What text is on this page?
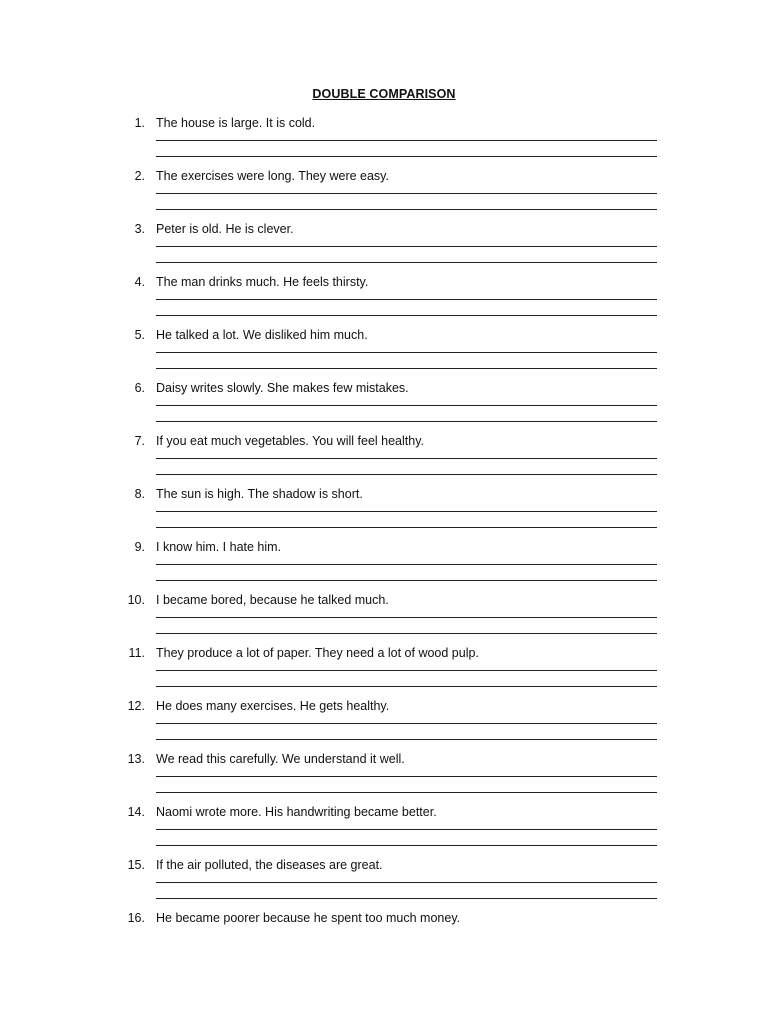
DOUBLE COMPARISON
1. The house is large. It is cold.
2. The exercises were long. They were easy.
3. Peter is old. He is clever.
4. The man drinks much. He feels thirsty.
5. He talked a lot. We disliked him much.
6. Daisy writes slowly. She makes few mistakes.
7. If you eat much vegetables. You will feel healthy.
8. The sun is high. The shadow is short.
9. I know him. I hate him.
10. I became bored, because he talked much.
11. They produce a lot of paper. They need a lot of wood pulp.
12. He does many exercises. He gets healthy.
13. We read this carefully. We understand it well.
14. Naomi wrote more. His handwriting became better.
15. If the air polluted, the diseases are great.
16. He became poorer because he spent too much money.
